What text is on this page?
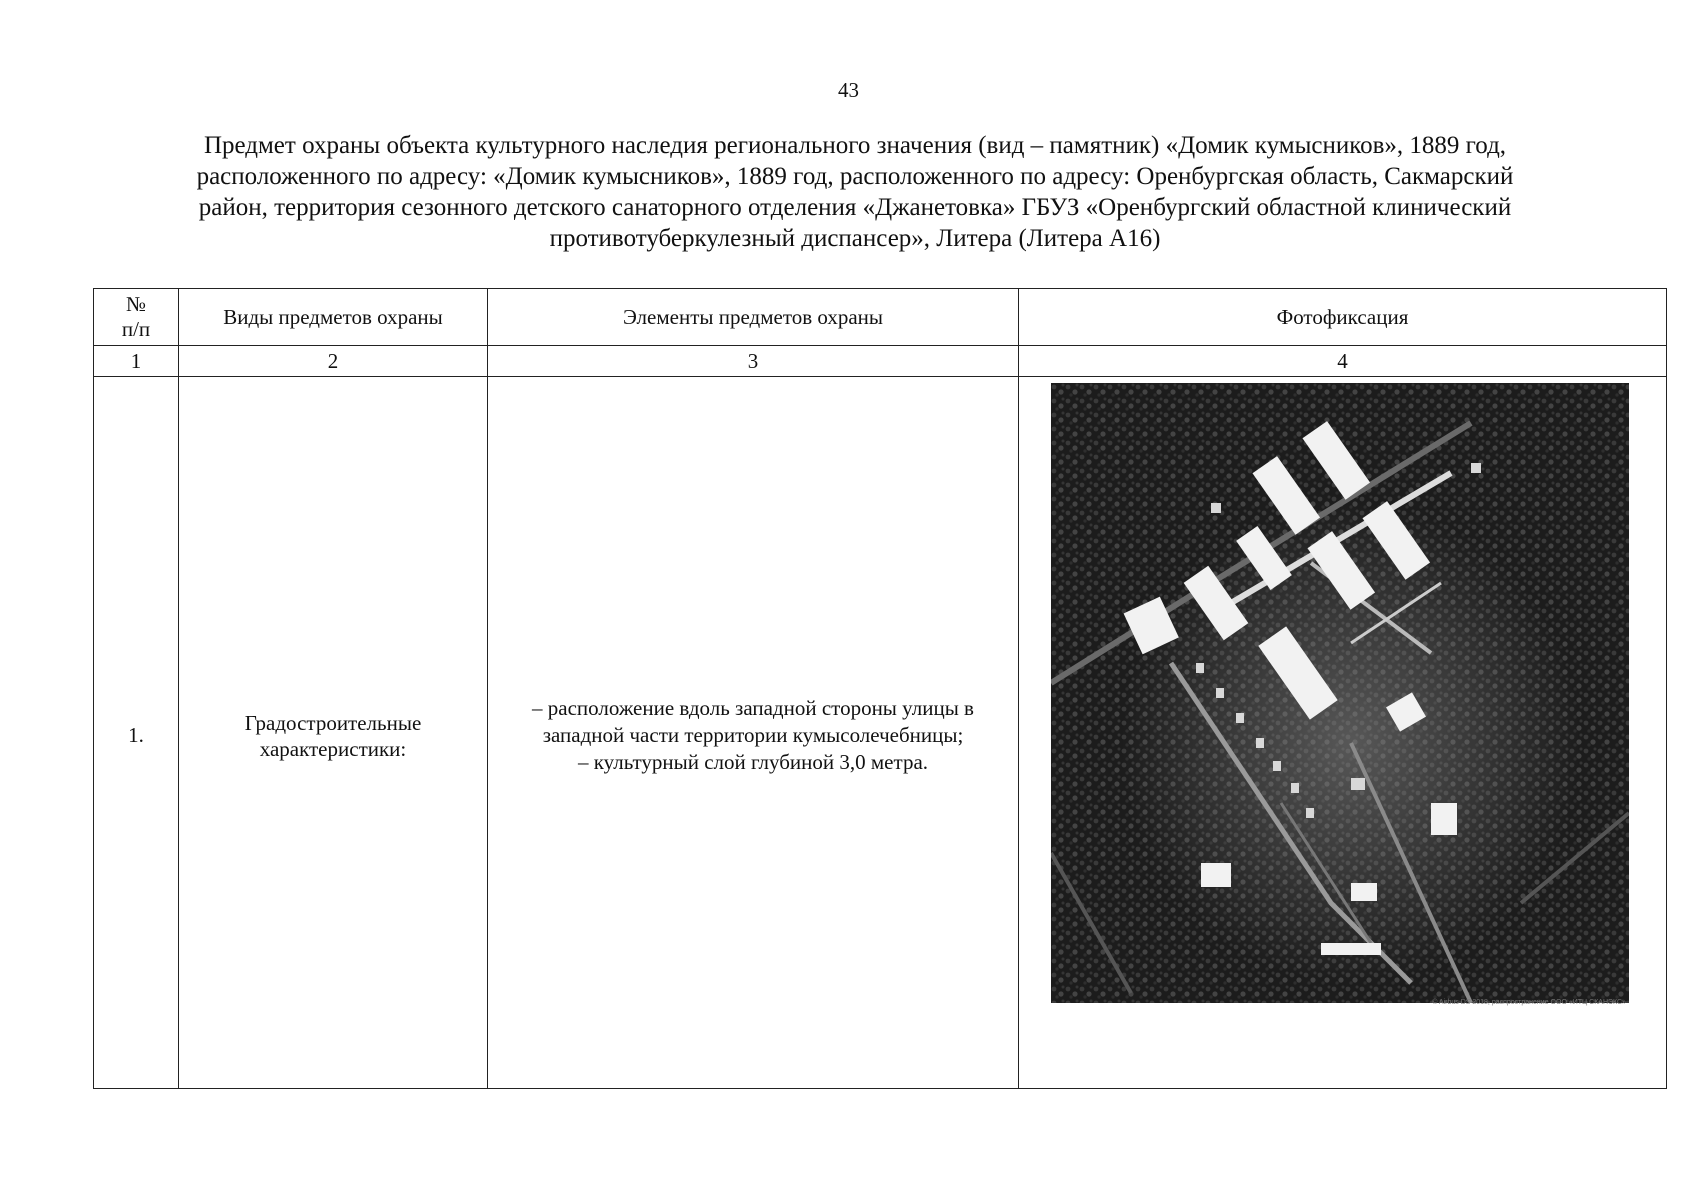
43
Предмет охраны объекта культурного наследия регионального значения (вид – памятник) «Домик кумысников», 1889 год,
расположенного по адресу: «Домик кумысников», 1889 год, расположенного по адресу: Оренбургская область, Сакмарский
район, территория сезонного детского санаторного отделения «Джанетовка» ГБУЗ «Оренбургский областной клинический
противотуберкулезный диспансер», Литера (Литера А16)
№
п/п	Виды предметов охраны	Элементы предметов охраны	Фотофиксация
1	2	3	4
1.	Градостроительные характеристики:	– расположение вдоль западной стороны улицы в
западной части территории кумысолечебницы;
– культурный слой глубиной 3,0 метра.	© Airbus DS 2018, распространение ООО «ИТЦ СКАНЭКС»
